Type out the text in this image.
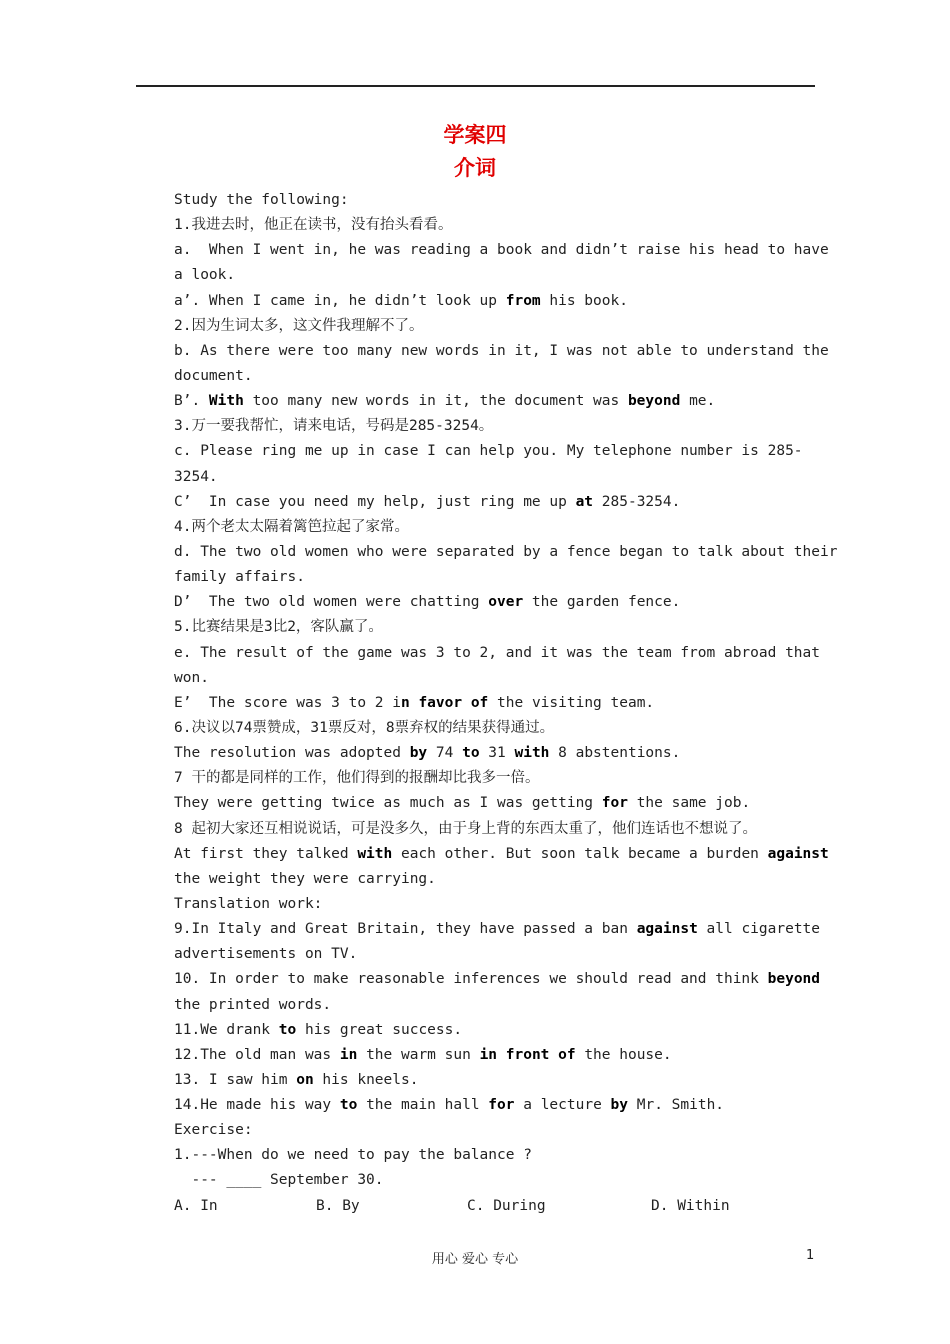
学案四
介词
Study the following:
1.我进去时，他正在读书，没有抬头看看。
a.  When I went in, he was reading a book and didn’t raise his head to have
a look.
a’. When I came in, he didn’t look up from his book.
2.因为生词太多，这文件我理解不了。
b. As there were too many new words in it, I was not able to understand the
document.
B’. With too many new words in it, the document was beyond me.
3.万一要我帮忙，请来电话，号码是285-3254。
c. Please ring me up in case I can help you. My telephone number is 285-
3254.
C’  In case you need my help, just ring me up at 285-3254.
4.两个老太太隔着篱笆拉起了家常。
d. The two old women who were separated by a fence began to talk about their
family affairs.
D’  The two old women were chatting over the garden fence.
5.比赛结果是3比2，客队赢了。
e. The result of the game was 3 to 2, and it was the team from abroad that
won.
E’  The score was 3 to 2 in favor of the visiting team.
6.决议以74票赞成，31票反对，8票弃权的结果获得通过。
The resolution was adopted by 74 to 31 with 8 abstentions.
7 干的都是同样的工作，他们得到的报酬却比我多一倍。
They were getting twice as much as I was getting for the same job.
8 起初大家还互相说说话，可是没多久，由于身上背的东西太重了，他们连话也不想说了。
At first they talked with each other. But soon talk became a burden against
the weight they were carrying.
Translation work:
9.In Italy and Great Britain, they have passed a ban against all cigarette
advertisements on TV.
10. In order to make reasonable inferences we should read and think beyond
the printed words.
11.We drank to his great success.
12.The old man was in the warm sun in front of the house.
13. I saw him on his kneels.
14.He made his way to the main hall for a lecture by Mr. Smith.
Exercise:
1.---When do we need to pay the balance ?
--- ____ September 30.
A. In	B. By	C. During	D. Within
用心 爱心 专心	1
